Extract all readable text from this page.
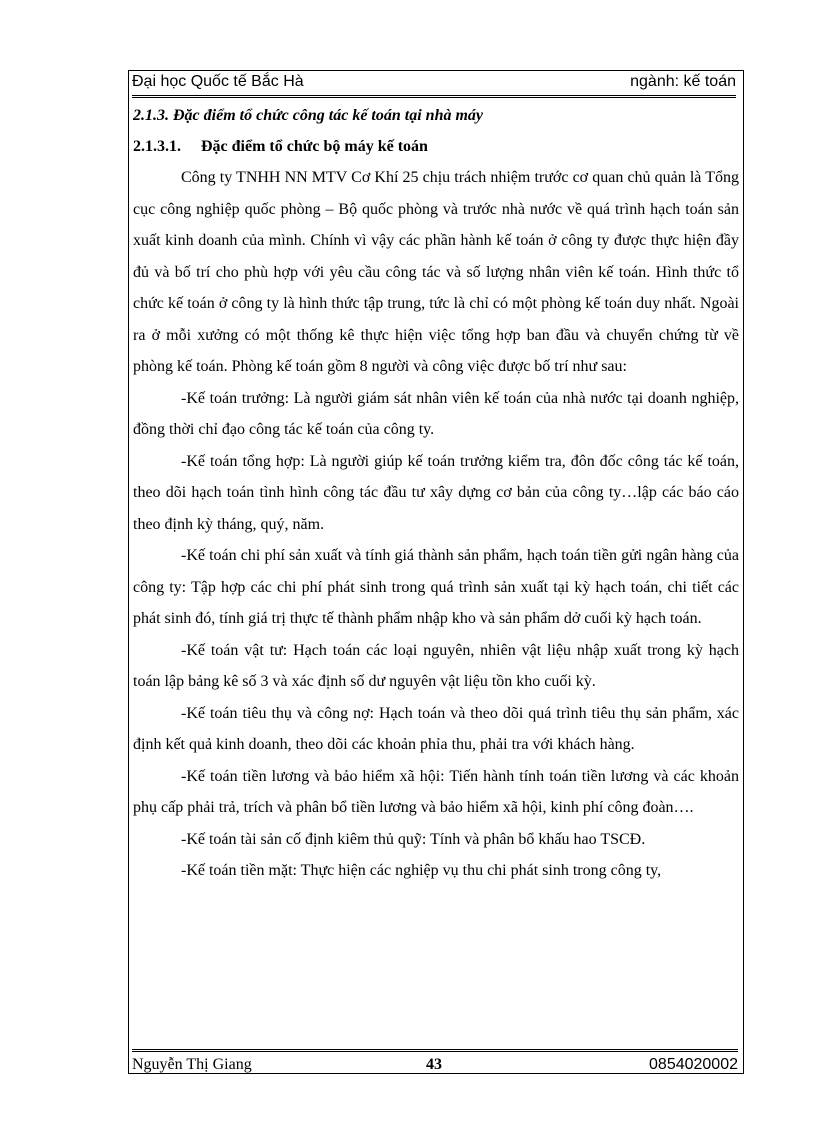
Đại học Quốc tế Bắc Hà	ngành: kế toán
2.1.3. Đặc điểm tổ chức công tác kế toán tại nhà máy
2.1.3.1. Đặc điểm tổ chức bộ máy kế toán

Công ty TNHH NN MTV Cơ Khí 25 chịu trách nhiệm trước cơ quan chủ quản là Tổng cục công nghiệp quốc phòng – Bộ quốc phòng và trước nhà nước về quá trình hạch toán sản xuất kinh doanh của mình. Chính vì vậy các phần hành kế toán ở công ty được thực hiện đầy đủ và bố trí cho phù hợp với yêu cầu công tác và số lượng nhân viên kế toán. Hình thức tổ chức kế toán ở công ty là hình thức tập trung, tức là chỉ có một phòng kế toán duy nhất. Ngoài ra ở mỗi xưởng có một thống kê thực hiện việc tổng hợp ban đầu và chuyển chứng từ về phòng kế toán. Phòng kế toán gồm 8 người và công việc được bố trí như sau:

-Kế toán trưởng: Là người giám sát nhân viên kế toán của nhà nước tại doanh nghiệp, đồng thời chỉ đạo công tác kế toán của công ty.

-Kế toán tổng hợp: Là người giúp kế toán trưởng kiểm tra, đôn đốc công tác kế toán, theo dõi hạch toán tình hình công tác đầu tư xây dựng cơ bản của công ty…lập các báo cáo theo định kỳ tháng, quý, năm.

-Kế toán chi phí sản xuất và tính giá thành sản phẩm, hạch toán tiền gửi ngân hàng của công ty: Tập hợp các chi phí phát sinh trong quá trình sản xuất tại kỳ hạch toán, chi tiết các phát sinh đó, tính giá trị thực tế thành phẩm nhập kho và sản phẩm dở cuối kỳ hạch toán.

-Kế toán vật tư: Hạch toán các loại nguyên, nhiên vật liệu nhập xuất trong kỳ hạch toán lập bảng kê số 3 và xác định số dư nguyên vật liệu tồn kho cuối kỳ.

-Kế toán tiêu thụ và công nợ: Hạch toán và theo dõi quá trình tiêu thụ sản phẩm, xác định kết quả kinh doanh, theo dõi các khoản phỉa thu, phải tra với khách hàng.

-Kế toán tiền lương và bảo hiểm xã hội: Tiến hành tính toán tiền lương và các khoản phụ cấp phải trả, trích và phân bổ tiền lương và bảo hiểm xã hội, kinh phí công đoàn….

-Kế toán tài sản cố định kiêm thủ quỹ: Tính và phân bổ khấu hao TSCĐ.

-Kế toán tiền mặt: Thực hiện các nghiệp vụ thu chi phát sinh trong công ty,

Nguyễn Thị Giang	43	0854020002
